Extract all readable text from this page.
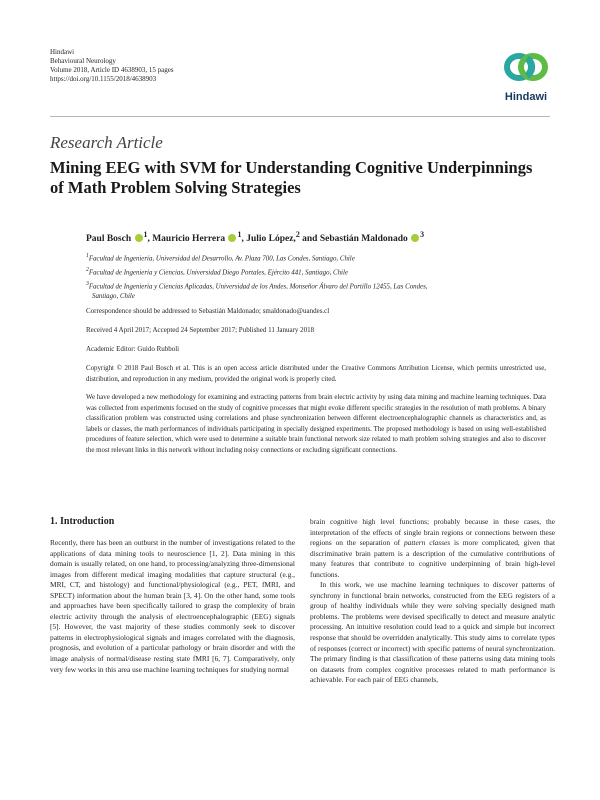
Hindawi
Behavioural Neurology
Volume 2018, Article ID 4638903, 15 pages
https://doi.org/10.1155/2018/4638903
Hindawi
Research Article
Mining EEG with SVM for Understanding Cognitive Underpinnings of Math Problem Solving Strategies
Paul Bosch $^1$, Mauricio Herrera $^1$, Julio López,$^2$ and Sebastián Maldonado $^3$
$^1$Facultad de Ingeniería, Universidad del Desarrollo, Av. Plaza 700, Las Condes, Santiago, Chile
$^2$Facultad de Ingeniería y Ciencias, Universidad Diego Portales, Ejército 441, Santiago, Chile
$^3$Facultad de Ingeniería y Ciencias Aplicadas, Universidad de los Andes, Monseñor Álvaro del Portillo 12455, Las Condes,
Santiago, Chile
Correspondence should be addressed to Sebastián Maldonado; smaldonado@uandes.cl
Received 4 April 2017; Accepted 24 September 2017; Published 11 January 2018
Academic Editor: Guido Rubboli
Copyright © 2018 Paul Bosch et al. This is an open access article distributed under the Creative Commons Attribution License, which permits unrestricted use, distribution, and reproduction in any medium, provided the original work is properly cited.
We have developed a new methodology for examining and extracting patterns from brain electric activity by using data mining and machine learning techniques. Data was collected from experiments focused on the study of cognitive processes that might evoke different specific strategies in the resolution of math problems. A binary classification problem was constructed using correlations and phase synchronization between different electroencephalographic channels as characteristics and, as labels or classes, the math performances of individuals participating in specially designed experiments. The proposed methodology is based on using well-established procedures of feature selection, which were used to determine a suitable brain functional network size related to math problem solving strategies and also to discover the most relevant links in this network without including noisy connections or excluding significant connections.
1. Introduction
Recently, there has been an outburst in the number of investigations related to the applications of data mining tools to neuroscience [1, 2]. Data mining in this domain is usually related, on one hand, to processing/analyzing three-dimensional images from different medical imaging modalities that capture structural (e.g., MRI, CT, and histology) and functional/physiological (e.g., PET, fMRI, and SPECT) information about the human brain [3, 4]. On the other hand, some tools and approaches have been specifically tailored to grasp the complexity of brain electric activity through the analysis of electroencephalographic (EEG) signals [5]. However, the vast majority of these studies commonly seek to discover patterns in electrophysiological signals and images correlated with the diagnosis, prognosis, and evolution of a particular pathology or brain disorder and with the image analysis of normal/disease resting state fMRI [6, 7]. Comparatively, only very few works in this area use machine learning techniques for studying normal
brain cognitive high level functions; probably because in these cases, the interpretation of the effects of single brain regions or connections between these regions on the separation of pattern classes is more complicated, given that discriminative brain pattern is a description of the cumulative contributions of many features that contribute to cognitive underpinning of brain high-level functions.
In this work, we use machine learning techniques to discover patterns of synchrony in functional brain networks, constructed from the EEG registers of a group of healthy individuals while they were solving specially designed math problems. The problems were devised specifically to detect and measure analytic processing. An intuitive resolution could lead to a quick and simple but incorrect response that should be overridden analytically. This study aims to correlate types of responses (correct or incorrect) with specific patterns of neural synchronization. The primary finding is that classification of these patterns using data mining tools on datasets from complex cognitive processes related to math performance is achievable. For each pair of EEG channels,
